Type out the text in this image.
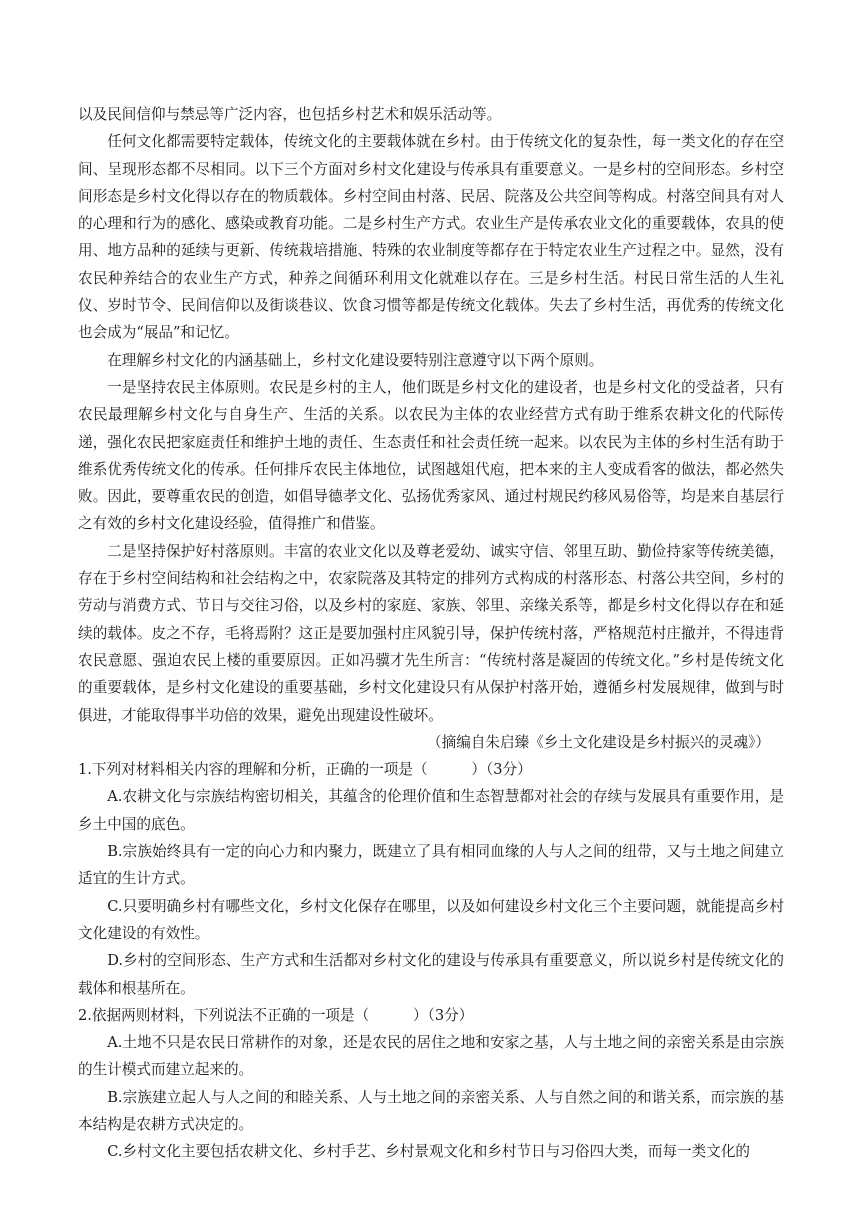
以及民间信仰与禁忌等广泛内容，也包括乡村艺术和娱乐活动等。

任何文化都需要特定载体，传统文化的主要载体就在乡村。由于传统文化的复杂性，每一类文化的存在空间、呈现形态都不尽相同。以下三个方面对乡村文化建设与传承具有重要意义。一是乡村的空间形态。乡村空间形态是乡村文化得以存在的物质载体。乡村空间由村落、民居、院落及公共空间等构成。村落空间具有对人的心理和行为的感化、感染或教育功能。二是乡村生产方式。农业生产是传承农业文化的重要载体，农具的使用、地方品种的延续与更新、传统栽培措施、特殊的农业制度等都存在于特定农业生产过程之中。显然，没有农民种养结合的农业生产方式，种养之间循环利用文化就难以存在。三是乡村生活。村民日常生活的人生礼仪、岁时节令、民间信仰以及街谈巷议、饮食习惯等都是传统文化载体。失去了乡村生活，再优秀的传统文化也会成为“展品”和记忆。

在理解乡村文化的内涵基础上，乡村文化建设要特别注意遵守以下两个原则。

一是坚持农民主体原则。农民是乡村的主人，他们既是乡村文化的建设者，也是乡村文化的受益者，只有农民最理解乡村文化与自身生产、生活的关系。以农民为主体的农业经营方式有助于维系农耕文化的代际传递，强化农民把家庭责任和维护土地的责任、生态责任和社会责任统一起来。以农民为主体的乡村生活有助于维系优秀传统文化的传承。任何排斥农民主体地位，试图越俎代庖，把本来的主人变成看客的做法，都必然失败。因此，要尊重农民的创造，如倡导德孝文化、弘扬优秀家风、通过村规民约移风易俗等，均是来自基层行之有效的乡村文化建设经验，值得推广和借鉴。

二是坚持保护好村落原则。丰富的农业文化以及尊老爱幼、诚实守信、邻里互助、勤俭持家等传统美德，存在于乡村空间结构和社会结构之中，农家院落及其特定的排列方式构成的村落形态、村落公共空间，乡村的劳动与消费方式、节日与交往习俗，以及乡村的家庭、家族、邻里、亲缘关系等，都是乡村文化得以存在和延续的载体。皮之不存，毛将焉附？这正是要加强村庄风貌引导，保护传统村落，严格规范村庄撤并，不得违背农民意愿、强迫农民上楼的重要原因。正如冯骥才先生所言：“传统村落是凝固的传统文化。”乡村是传统文化的重要载体，是乡村文化建设的重要基础，乡村文化建设只有从保护村落开始，遵循乡村发展规律，做到与时俱进，才能取得事半功倍的效果，避免出现建设性破坏。

（摘编自朱启臻《乡土文化建设是乡村振兴的灵魂》）

1.下列对材料相关内容的理解和分析，正确的一项是（　　　）（3分）

A.农耕文化与宗族结构密切相关，其蕴含的伦理价值和生态智慧都对社会的存续与发展具有重要作用，是乡土中国的底色。

B.宗族始终具有一定的向心力和内聚力，既建立了具有相同血缘的人与人之间的纽带，又与土地之间建立适宜的生计方式。

C.只要明确乡村有哪些文化，乡村文化保存在哪里，以及如何建设乡村文化三个主要问题，就能提高乡村文化建设的有效性。

D.乡村的空间形态、生产方式和生活都对乡村文化的建设与传承具有重要意义，所以说乡村是传统文化的载体和根基所在。

2.依据两则材料，下列说法不正确的一项是（　　　）（3分）

A.土地不只是农民日常耕作的对象，还是农民的居住之地和安家之基，人与土地之间的亲密关系是由宗族的生计模式而建立起来的。

B.宗族建立起人与人之间的和睦关系、人与土地之间的亲密关系、人与自然之间的和谐关系，而宗族的基本结构是农耕方式决定的。

C.乡村文化主要包括农耕文化、乡村手艺、乡村景观文化和乡村节日与习俗四大类，而每一类文化的
